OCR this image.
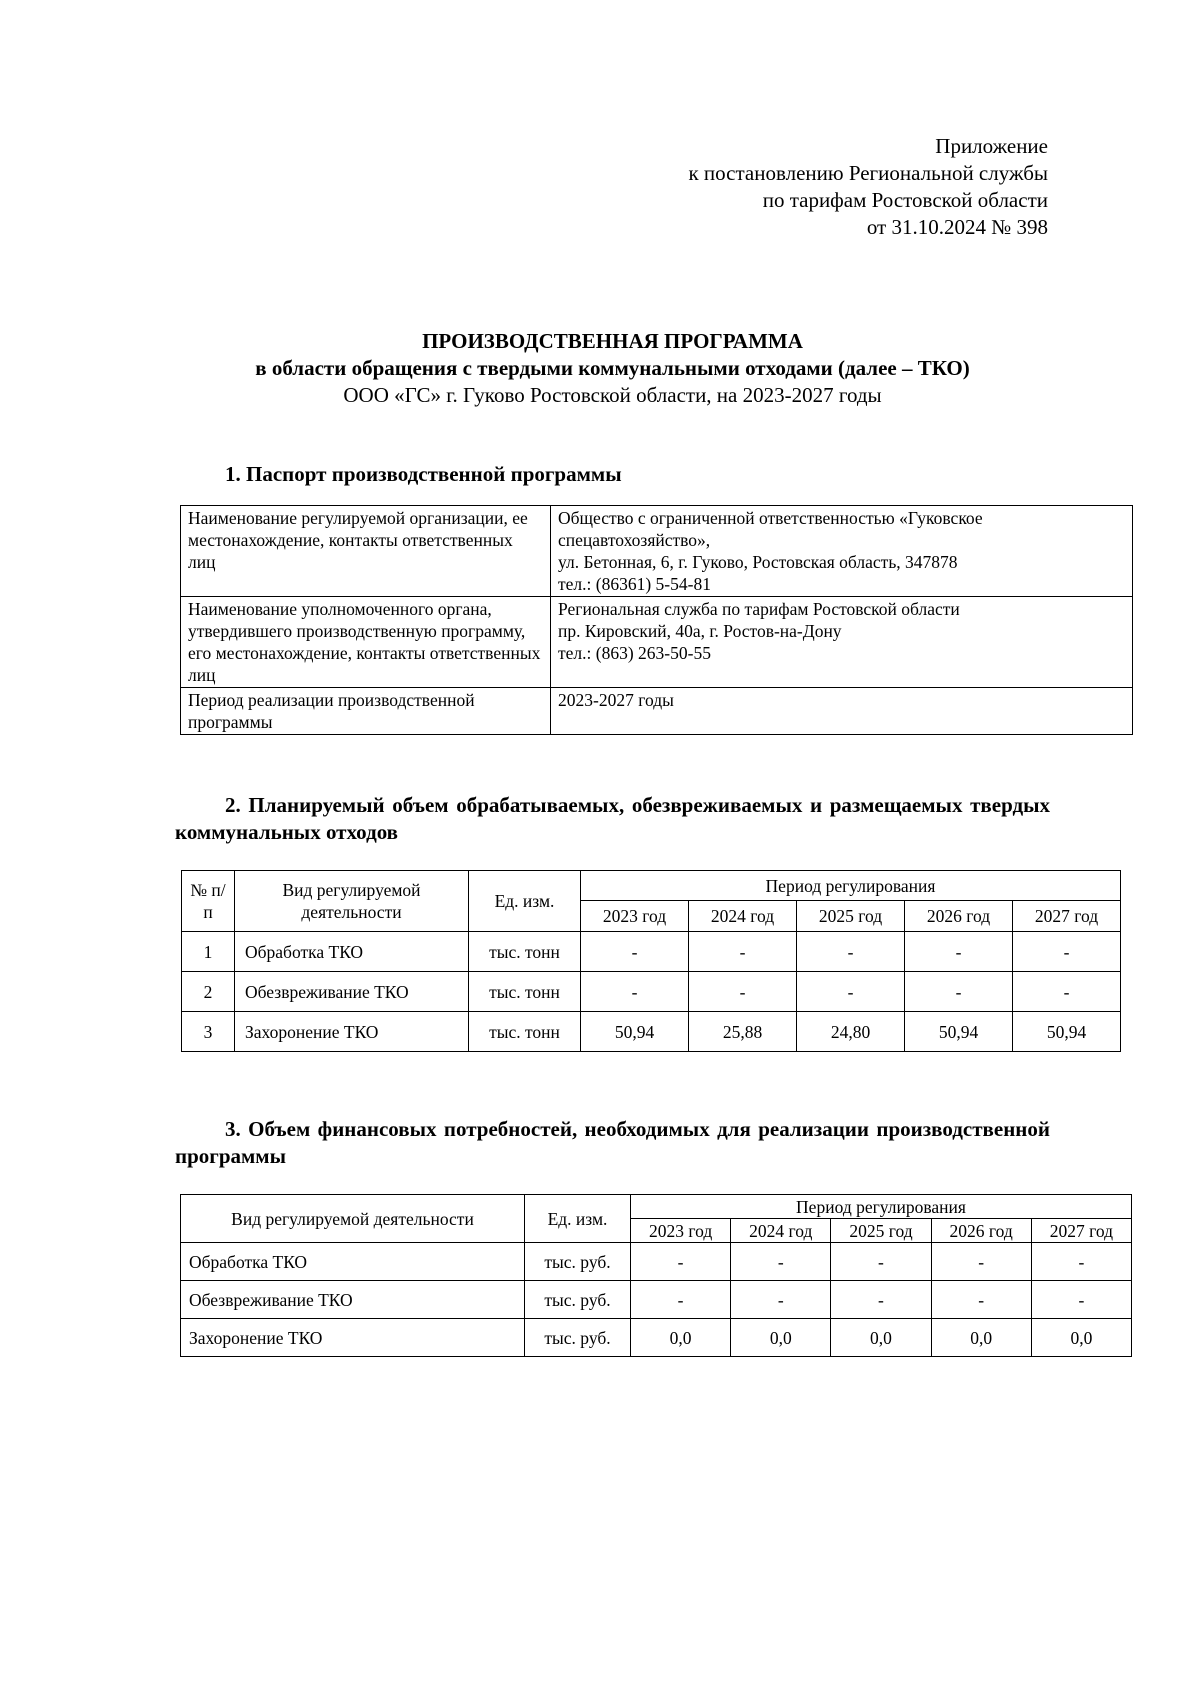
Приложение
к постановлению Региональной службы
по тарифам Ростовской области
от 31.10.2024 № 398
ПРОИЗВОДСТВЕННАЯ ПРОГРАММА
в области обращения с твердыми коммунальными отходами (далее – ТКО)
ООО «ГС» г. Гуково Ростовской области, на 2023-2027 годы
1. Паспорт производственной программы
Наименование регулируемой организации, ее местонахождение, контакты ответственных лиц	Общество с ограниченной ответственностью «Гуковское спецавтохозяйство»,
ул. Бетонная, 6, г. Гуково, Ростовская область, 347878
тел.: (86361) 5-54-81

Наименование уполномоченного органа, утвердившего производственную программу, его местонахождение, контакты ответственных лиц	Региональная служба по тарифам Ростовской области
пр. Кировский, 40а, г. Ростов-на-Дону
тел.: (863) 263-50-55

Период реализации производственной программы	2023-2027 годы
2. Планируемый объем обрабатываемых, обезвреживаемых и размещаемых твердых коммунальных отходов
№ п/п	Вид регулируемой деятельности	Ед. изм.	Период регулирования				
			2023 год	2024 год	2025 год	2026 год	2027 год
1	Обработка ТКО	тыс. тонн	-	-	-	-	-
2	Обезвреживание ТКО	тыс. тонн	-	-	-	-	-
3	Захоронение ТКО	тыс. тонн	50,94	25,88	24,80	50,94	50,94
3. Объем финансовых потребностей, необходимых для реализации производственной программы
Вид регулируемой деятельности	Ед. изм.	Период регулирования				
		2023 год	2024 год	2025 год	2026 год	2027 год
Обработка ТКО	тыс. руб.	-	-	-	-	-
Обезвреживание ТКО	тыс. руб.	-	-	-	-	-
Захоронение ТКО	тыс. руб.	0,0	0,0	0,0	0,0	0,0
